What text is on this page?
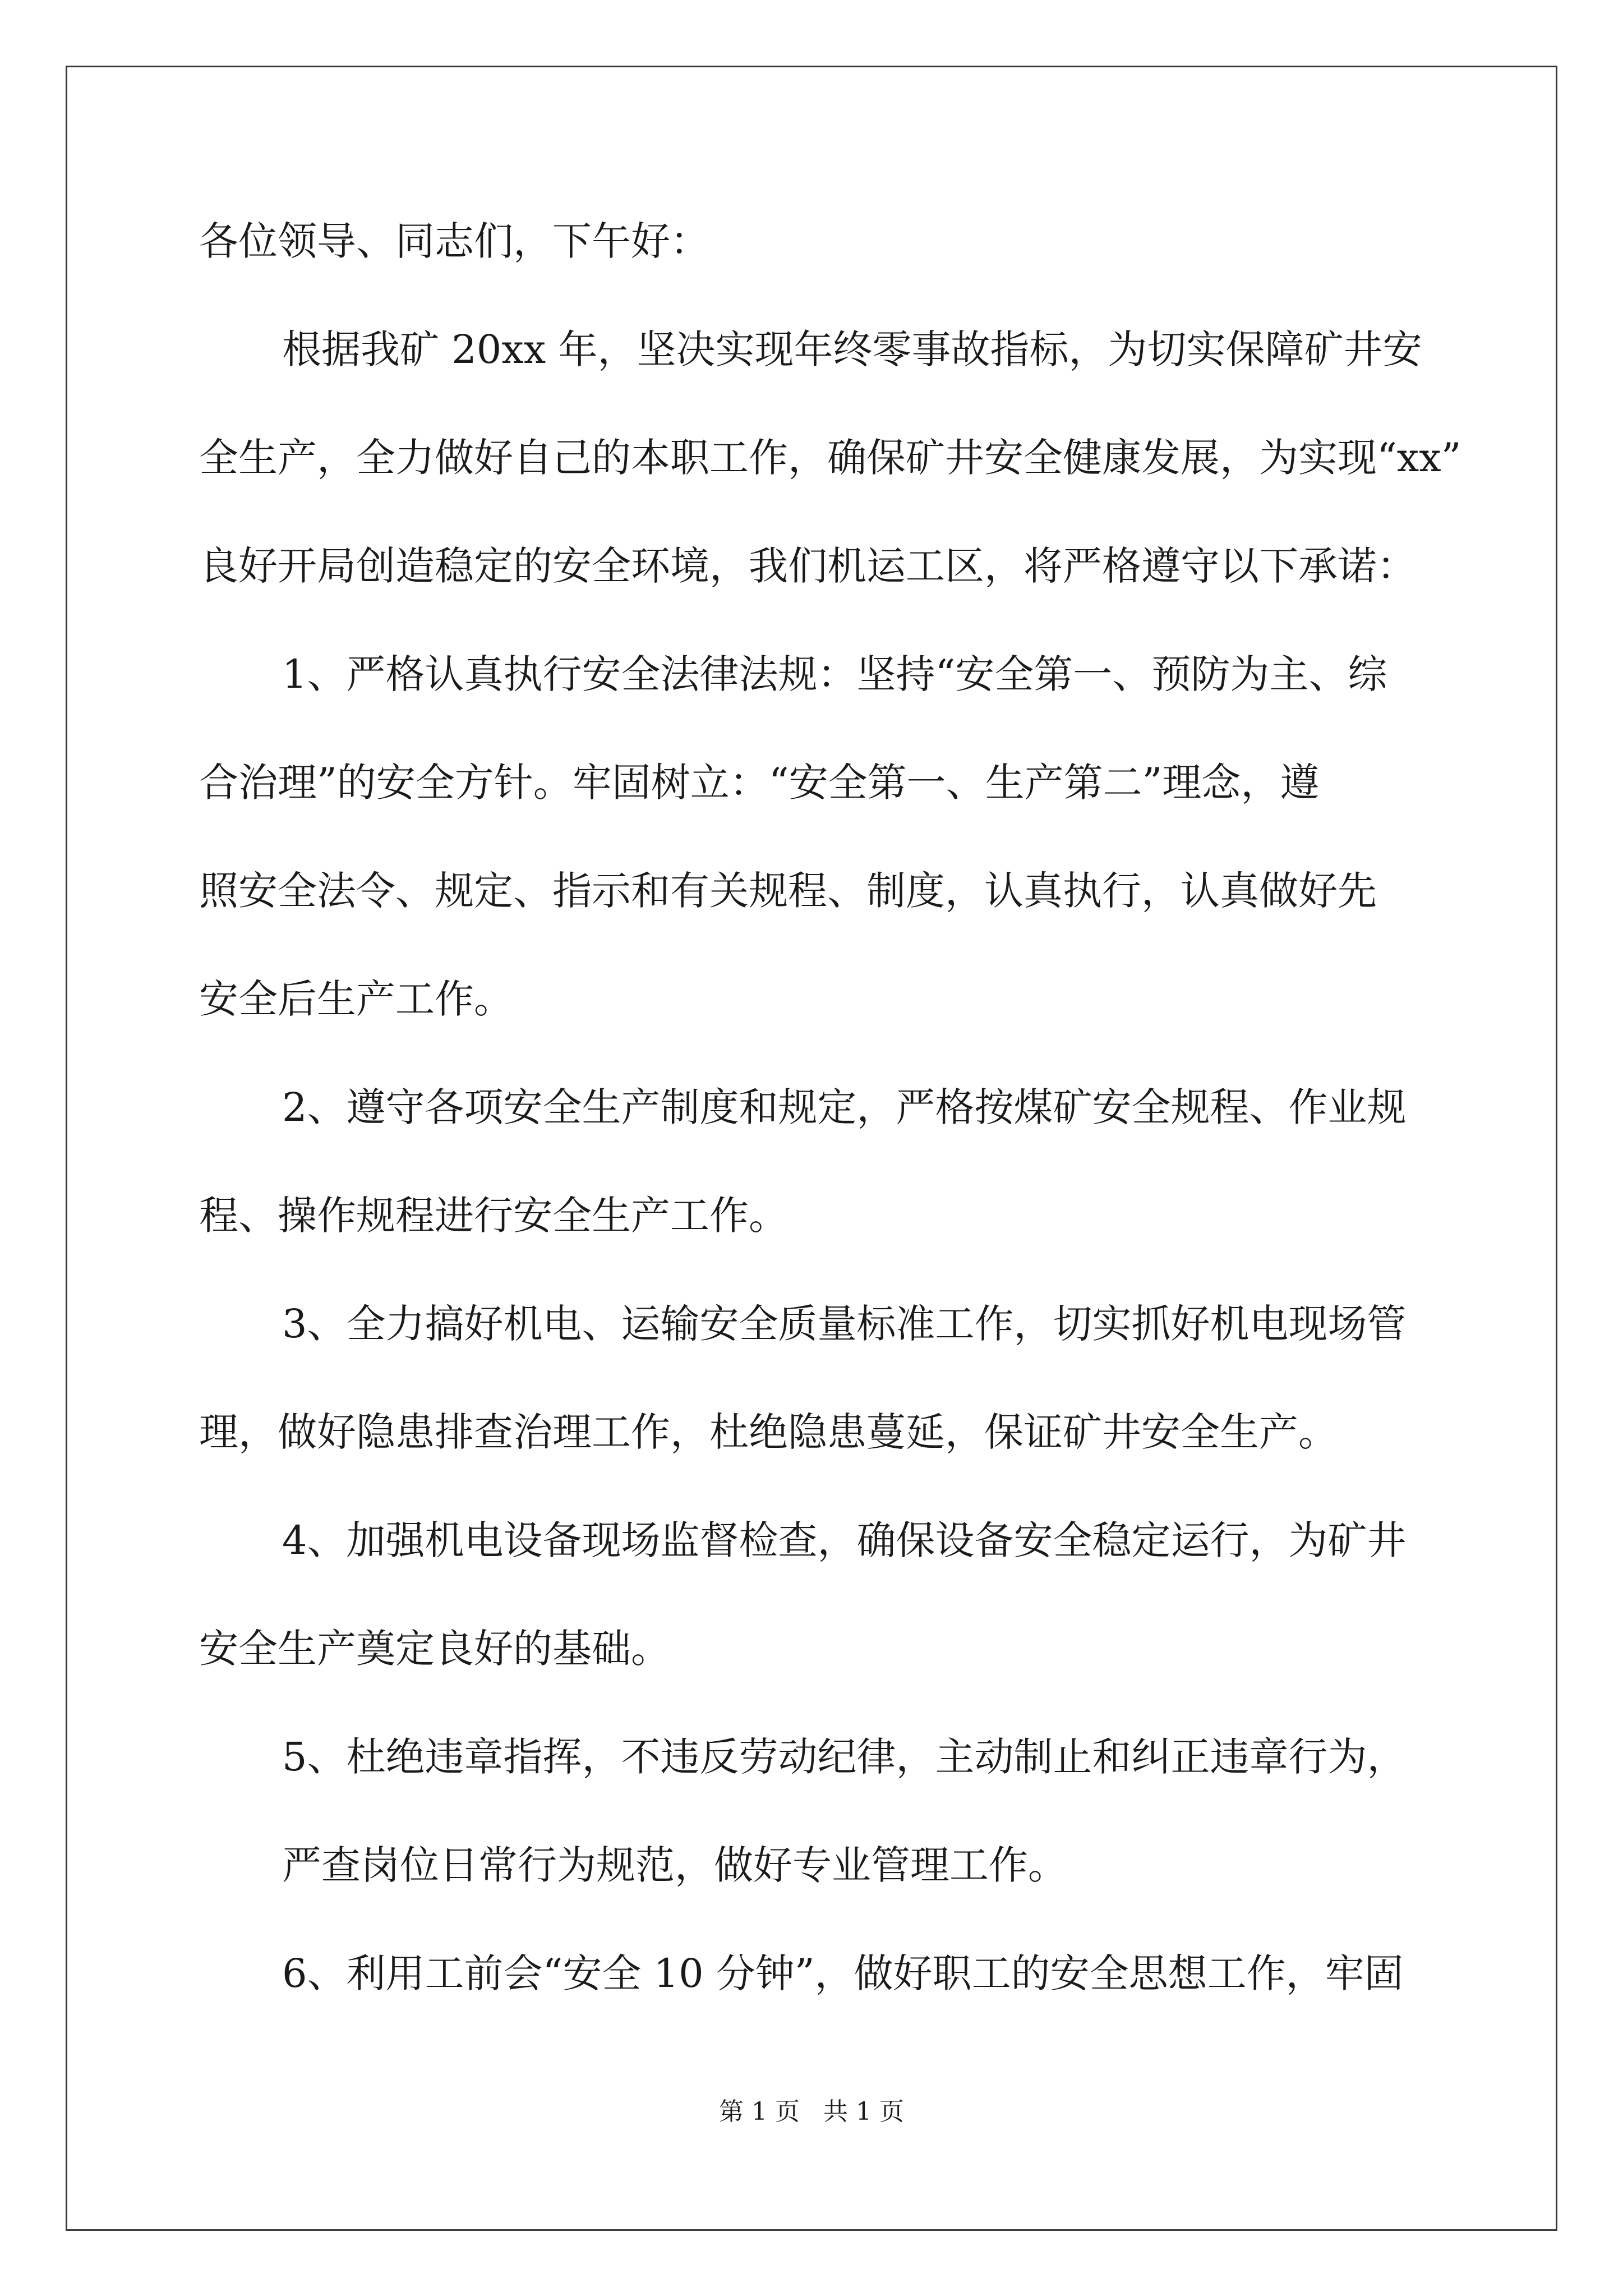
各位领导、同志们，下午好：
根据我矿 20xx 年，坚决实现年终零事故指标，为切实保障矿井安
全生产，全力做好自己的本职工作，确保矿井安全健康发展，为实现“xx”
良好开局创造稳定的安全环境，我们机运工区，将严格遵守以下承诺：
1、严格认真执行安全法律法规：坚持“安全第一、预防为主、综
合治理”的安全方针。牢固树立：“安全第一、生产第二”理念，遵
照安全法令、规定、指示和有关规程、制度，认真执行，认真做好先
安全后生产工作。
2、遵守各项安全生产制度和规定，严格按煤矿安全规程、作业规
程、操作规程进行安全生产工作。
3、全力搞好机电、运输安全质量标准工作，切实抓好机电现场管
理，做好隐患排查治理工作，杜绝隐患蔓延，保证矿井安全生产。
4、加强机电设备现场监督检查，确保设备安全稳定运行，为矿井
安全生产奠定良好的基础。
5、杜绝违章指挥，不违反劳动纪律，主动制止和纠正违章行为，
严查岗位日常行为规范，做好专业管理工作。
6、利用工前会“安全 10 分钟”，做好职工的安全思想工作，牢固
第 1 页 共 1 页
